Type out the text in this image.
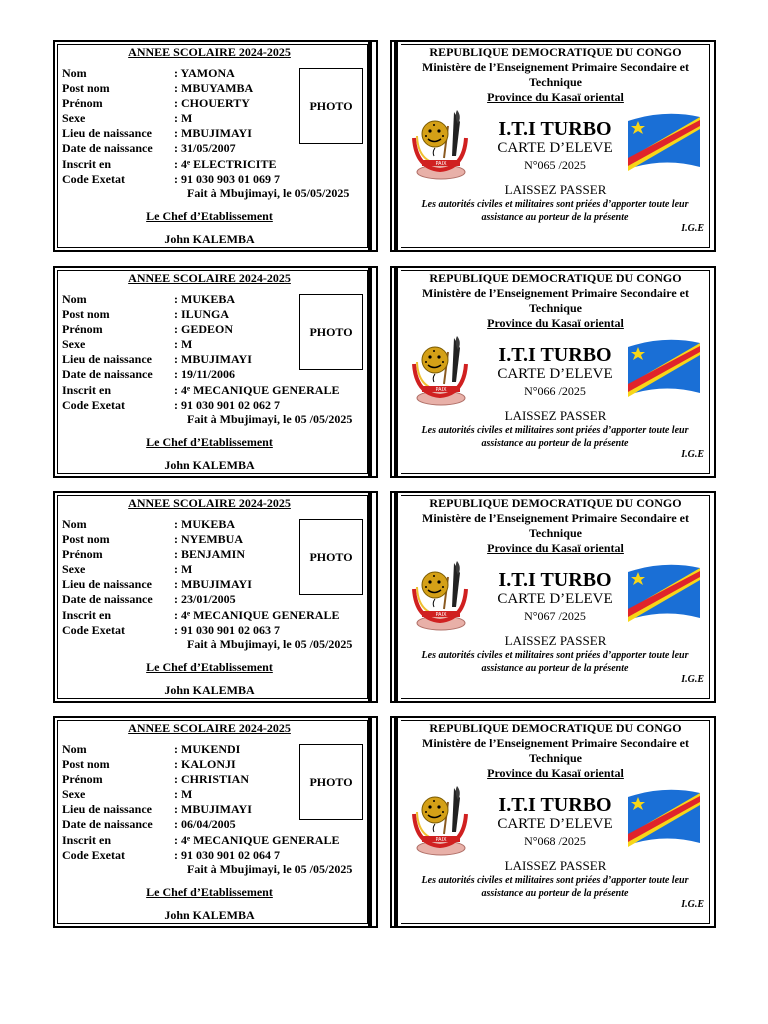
ANNEE SCOLAIRE 2024-2025
Nom	: YAMONA
Post nom	: MBUYAMBA
Prénom	: CHOUERTY
Sexe	: M
Lieu de naissance	: MBUJIMAYI
Date de naissance	: 31/05/2007
Inscrit en	: 4ᵉ ELECTRICITE
Code Exetat	: 91 030 903 01 069 7
PHOTO
Fait à Mbujimayi, le 05/05/2025
Le Chef d’Etablissement
John KALEMBA
REPUBLIQUE DEMOCRATIQUE DU CONGO
Ministère de l’Enseignement Primaire Secondaire et Technique
Province du Kasaï oriental
PAIX
I.T.I TURBO
CARTE D’ELEVE
N°065 /2025
LAISSEZ PASSER
Les autorités civiles et militaires sont priées d’apporter toute leur assistance au porteur de la présente
I.G.E
ANNEE SCOLAIRE 2024-2025
Nom	: MUKEBA
Post nom	: ILUNGA
Prénom	: GEDEON
Sexe	: M
Lieu de naissance	: MBUJIMAYI
Date de naissance	: 19/11/2006
Inscrit en	: 4ᵉ MECANIQUE GENERALE
Code Exetat	: 91 030 901 02 062 7
PHOTO
Fait à Mbujimayi, le 05 /05/2025
Le Chef d’Etablissement
John KALEMBA
REPUBLIQUE DEMOCRATIQUE DU CONGO
Ministère de l’Enseignement Primaire Secondaire et Technique
Province du Kasaï oriental
PAIX
I.T.I TURBO
CARTE D’ELEVE
N°066 /2025
LAISSEZ PASSER
Les autorités civiles et militaires sont priées d’apporter toute leur assistance au porteur de la présente
I.G.E
ANNEE SCOLAIRE 2024-2025
Nom	: MUKEBA
Post nom	: NYEMBUA
Prénom	: BENJAMIN
Sexe	: M
Lieu de naissance	: MBUJIMAYI
Date de naissance	: 23/01/2005
Inscrit en	: 4ᵉ MECANIQUE GENERALE
Code Exetat	: 91 030 901 02 063 7
PHOTO
Fait à Mbujimayi, le 05 /05/2025
Le Chef d’Etablissement
John KALEMBA
REPUBLIQUE DEMOCRATIQUE DU CONGO
Ministère de l’Enseignement Primaire Secondaire et Technique
Province du Kasaï oriental
PAIX
I.T.I TURBO
CARTE D’ELEVE
N°067 /2025
LAISSEZ PASSER
Les autorités civiles et militaires sont priées d’apporter toute leur assistance au porteur de la présente
I.G.E
ANNEE SCOLAIRE 2024-2025
Nom	: MUKENDI
Post nom	: KALONJI
Prénom	: CHRISTIAN
Sexe	: M
Lieu de naissance	: MBUJIMAYI
Date de naissance	: 06/04/2005
Inscrit en	: 4ᵉ MECANIQUE GENERALE
Code Exetat	: 91 030 901 02 064 7
PHOTO
Fait à Mbujimayi, le 05 /05/2025
Le Chef d’Etablissement
John KALEMBA
REPUBLIQUE DEMOCRATIQUE DU CONGO
Ministère de l’Enseignement Primaire Secondaire et Technique
Province du Kasaï oriental
PAIX
I.T.I TURBO
CARTE D’ELEVE
N°068 /2025
LAISSEZ PASSER
Les autorités civiles et militaires sont priées d’apporter toute leur assistance au porteur de la présente
I.G.E
